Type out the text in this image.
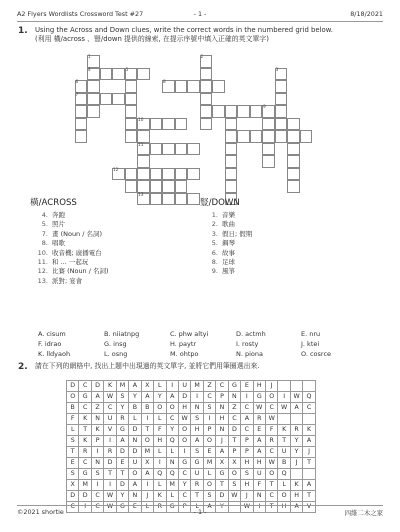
A2 Flyers Wordlists Crossword Test #27	- 1 -	8/18/2021
1. Using the Across and Down clues, write the correct words in the numbered grid below.
(利用 橫/across 、豎/down 提供的線索, 在提示序號中填入正確的英文單字)
1	2
3
4	5
6
7
8
9
10
11
12
13
橫/ACROSS
4. 奔跑
5. 照片
7. 畫 (Noun / 名詞)
8. 唱歌
10. 收音機; 廣播電台
11. 和 ... 一起玩
12. 比賽 (Noun / 名詞)
13. 派對; 宴會
豎/DOWN
1. 音樂
2. 歌曲
3. 假日; 假期
5. 鋼琴
6. 故事
8. 足球
9. 風箏
A. cisum	B. niiatnpg	C. phw altyi	D. actmh	E. nru
F. idrao	G. insg	H. paytr	I. rosty	J. ktei
K. lldyaoh	L. osng	M. ohtpo	N. piona	O. cosrce
2. 請在下列的網格中, 找出上題中出現過的英文單字, 並將它們用筆圈選出來.
D	C	D	K	M	A	X	L	I	U	M	Z	C	G	E	H	J			
O	G	A	W	S	Y	A	Y	A	D	I	C	P	N	I	G	O	I	W	Q
B	C	Z	C	Y	B	B	O	O	H	N	S	N	Z	C	W	C	W	A	C
F	K	N	U	R	L	I	L	C	W	S	I	H	C	A	R	W			
L	T	K	V	G	D	T	F	Y	O	H	P	N	D	C	E	F	K	R	K
S	K	P	I	A	N	O	H	Q	O	A	O	J	T	P	A	R	T	Y	A
T	R	I	R	D	D	M	L	L	I	S	E	A	P	P	A	C	U	Y	J
E	C	N	D	E	U	X	I	N	G	G	M	X	X	H	H	W	B	J	T
S	G	S	T	T	O	A	Q	Q	C	U	L	G	O	S	U	O	Q		
X	M	I	I	D	A	I	L	M	Y	R	O	T	S	H	F	T	L	K	A
D	D	C	W	Y	N	J	K	L	C	T	S	D	W	J	N	C	O	H	T
C	I	C	W	G	E	L	R	G	P	L	A	Y		W	I	T	H	A	V
©2021 shortie	- 1 -	四維二木之家
